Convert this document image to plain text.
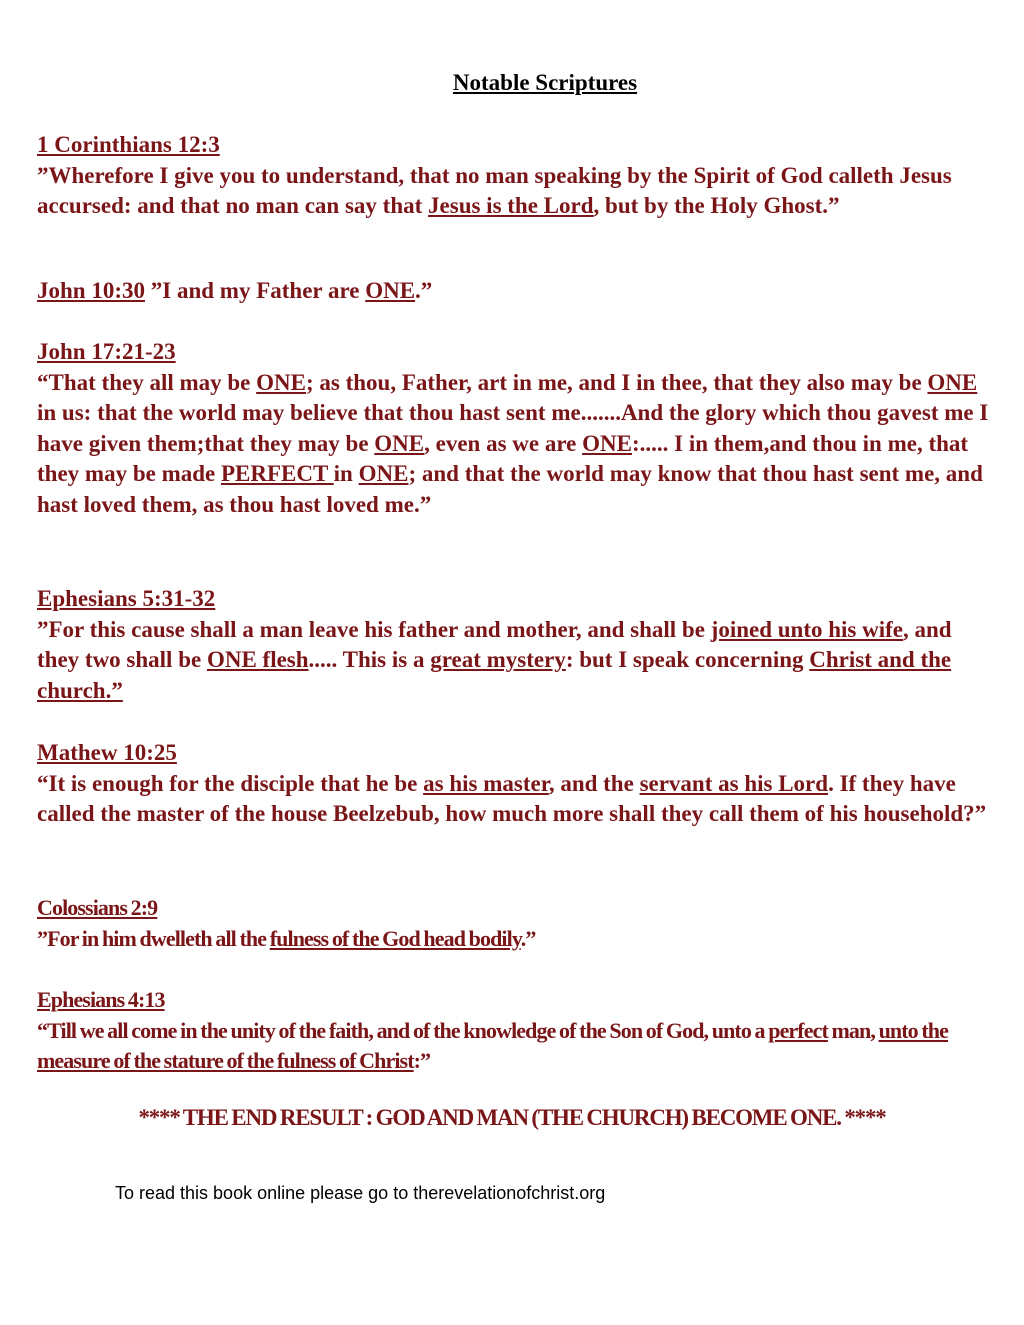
Notable Scriptures
1 Corinthians 12:3
”Wherefore I give you to understand, that no man speaking by the Spirit of God calleth Jesus accursed: and that no man can say that Jesus is the Lord, but by the Holy Ghost.”
John 10:30 ”I and my Father are ONE.”
John 17:21-23
“That they all may be ONE; as thou, Father, art in me, and I in thee, that they also may be ONE in us: that the world may believe that thou hast sent me.......And the glory which thou gavest me I have given them;that they may be ONE, even as we are ONE:..... I in them,and thou in me, that they may be made PERFECT in ONE; and that the world may know that thou hast sent me, and hast loved them, as thou hast loved me.”
Ephesians 5:31-32
”For this cause shall a man leave his father and mother, and shall be joined unto his wife, and they two shall be ONE flesh..... This is a great mystery: but I speak concerning Christ and the church.”
Mathew 10:25
“It is enough for the disciple that he be as his master, and the servant as his Lord. If they have called the master of the house Beelzebub, how much more shall they call them of his household?”
Colossians 2:9
”For in him dwelleth all the fulness of the God head bodily.”
Ephesians 4:13
“Till we all come in the unity of the faith, and of the knowledge of the Son of God, unto a perfect man, unto the measure of the stature of the fulness of Christ:”
**** THE END RESULT : GOD AND MAN (THE CHURCH) BECOME ONE. ****
To read this book online please go to therevelationofchrist.org
